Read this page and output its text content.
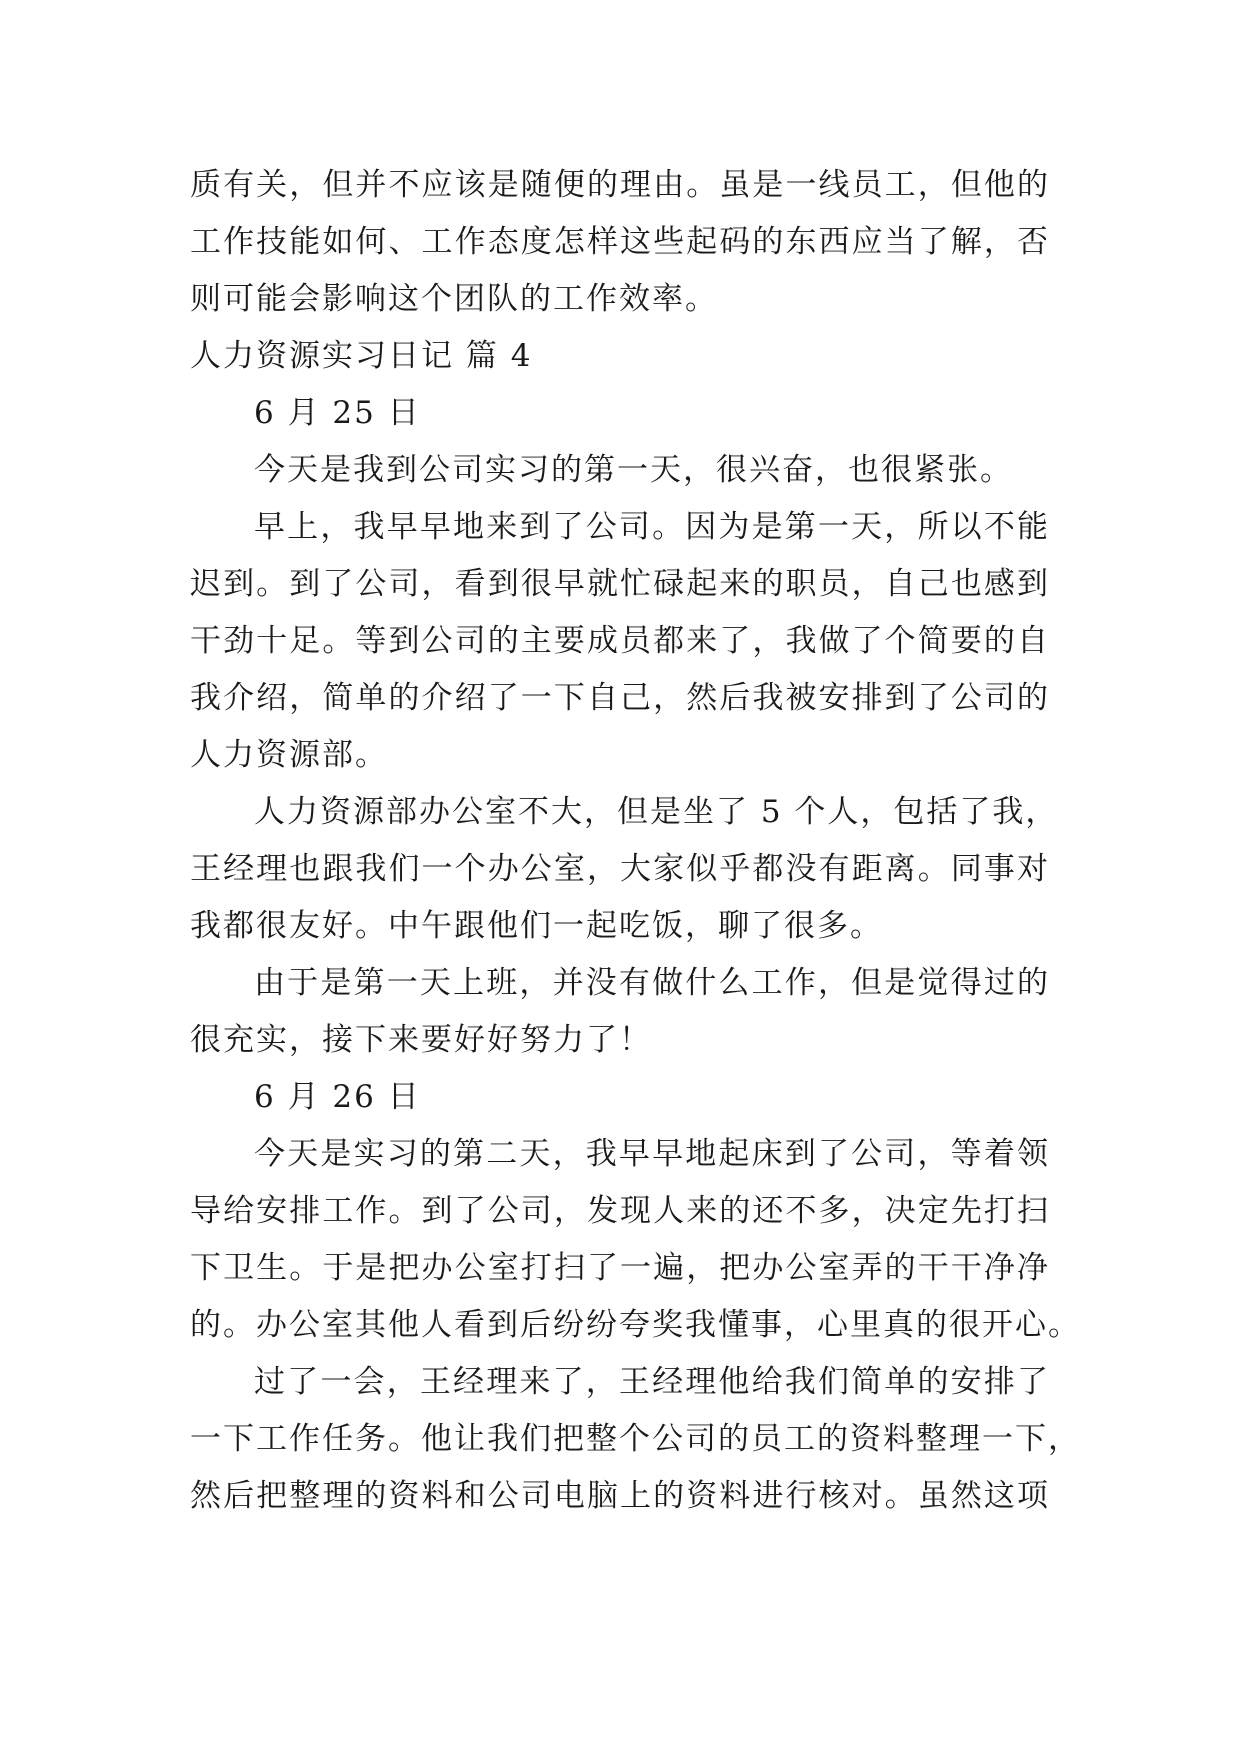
质有关，但并不应该是随便的理由。虽是一线员工，但他的
工作技能如何、工作态度怎样这些起码的东西应当了解，否
则可能会影响这个团队的工作效率。
人力资源实习日记 篇 4
6 月 25 日
今天是我到公司实习的第一天，很兴奋，也很紧张。
早上，我早早地来到了公司。因为是第一天，所以不能
迟到。到了公司，看到很早就忙碌起来的职员，自己也感到
干劲十足。等到公司的主要成员都来了，我做了个简要的自
我介绍，简单的介绍了一下自己，然后我被安排到了公司的
人力资源部。
人力资源部办公室不大，但是坐了 5 个人，包括了我，
王经理也跟我们一个办公室，大家似乎都没有距离。同事对
我都很友好。中午跟他们一起吃饭，聊了很多。
由于是第一天上班，并没有做什么工作，但是觉得过的
很充实，接下来要好好努力了！
6 月 26 日
今天是实习的第二天，我早早地起床到了公司，等着领
导给安排工作。到了公司，发现人来的还不多，决定先打扫
下卫生。于是把办公室打扫了一遍，把办公室弄的干干净净
的。办公室其他人看到后纷纷夸奖我懂事，心里真的很开心。
过了一会，王经理来了，王经理他给我们简单的安排了
一下工作任务。他让我们把整个公司的员工的资料整理一下，
然后把整理的资料和公司电脑上的资料进行核对。虽然这项
